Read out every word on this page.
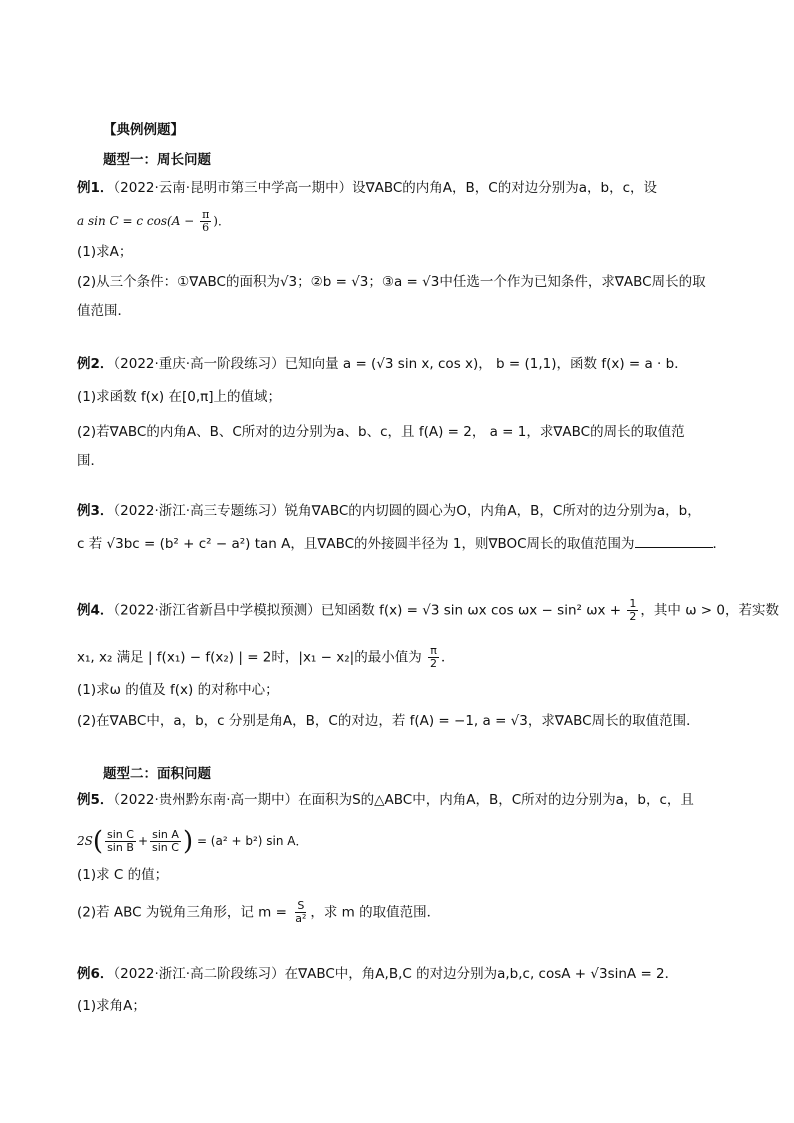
【典例例题】
题型一：周长问题
例1．（2022·云南·昆明市第三中学高一期中）设∇ABC的内角A，B，C的对边分别为a，b，c，设
a sin C = c $\cos(A - \frac{\pi}{6}$ )．
(1)求A；
(2)从三个条件：①∇ABC的面积为√3；②b = √3；③a = √3中任选一个作为已知条件，求∇ABC周长的取
值范围．
例2．（2022·重庆·高一阶段练习）已知向量 a = (√3 sin x, cos x)， b = (1,1)，函数 f(x) = a · b．
(1)求函数 f(x) 在[0,π]上的值域；
(2)若∇ABC的内角A、B、C所对的边分别为a、b、c，且 f(A) = 2， a = 1，求∇ABC的周长的取值范
围．
例3．（2022·浙江·高三专题练习）锐角∇ABC的内切圆的圆心为O，内角A，B，C所对的边分别为a，b，
c 若 √3bc = (b² + c² − a²) tan A，且∇ABC的外接圆半径为 1，则∇BOC周长的取值范围为	．
例4．（2022·浙江省新昌中学模拟预测）已知函数 f(x) = √3 sin ωx cos ωx − sin² $\omega x + \frac{1}{2}$ ，其中 ω > 0，若实数
x₁, x₂ 满足 | f(x₁) − f(x₂) | = 2时，|x₁ − x₂|的最小值为 $\frac{\pi}{2}$ ．
(1)求ω 的值及 f(x) 的对称中心；
(2)在∇ABC中，a，b，c 分别是角A，B，C的对边，若 f(A) = −1, a = √3，求∇ABC周长的取值范围．
题型二：面积问题
例5．（2022·贵州黔东南·高一期中）在面积为S的△ABC中，内角A，B，C所对的边分别为a，b，c，且
$2S( \frac{\text{sin C}}{\text{sin B}} + \frac{\text{sin A}}{\text{sin C}}$ ) = (a² + b²) sin A．
(1)求 C 的值；
(2)若 ABC 为锐角三角形，记 $m = \frac{S}{\text{a²}}$ ，求 m 的取值范围．
例6．（2022·浙江·高二阶段练习）在∇ABC中，角A,B,C 的对边分别为a,b,c, cosA + √3sinA = 2．
(1)求角A；
